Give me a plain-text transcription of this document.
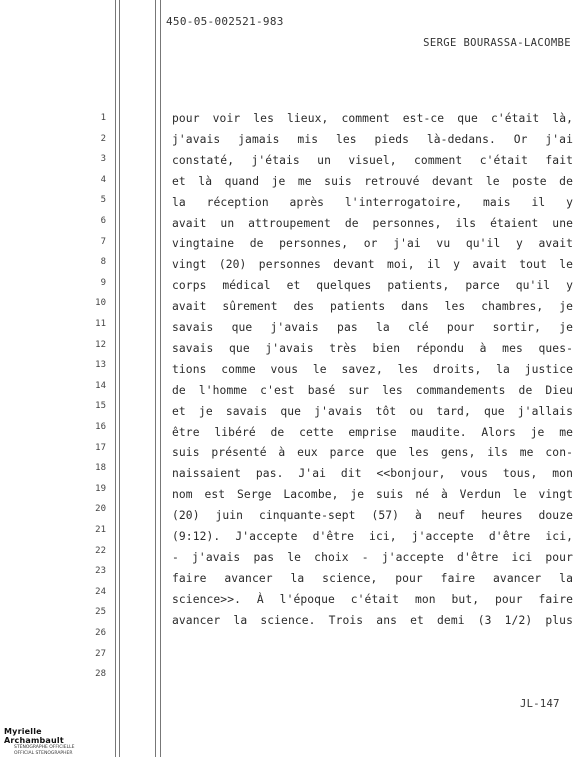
450-05-002521-983
SERGE BOURASSA-LACOMBE
1
2
3
4
5
6
7
8
9
10
11
12
13
14
15
16
17
18
19
20
21
22
23
24
25
26
27
28
pour voir les lieux, comment est-ce que c'était là,
j'avais jamais mis les pieds là-dedans. Or j'ai
constaté, j'étais un visuel, comment c'était fait
et là quand je me suis retrouvé devant le poste de
la réception après l'interrogatoire, mais il y
avait un attroupement de personnes, ils étaient une
vingtaine de personnes, or j'ai vu qu'il y avait
vingt (20) personnes devant moi, il y avait tout le
corps médical et quelques patients, parce qu'il y
avait sûrement des patients dans les chambres, je
savais que j'avais pas la clé pour sortir, je
savais que j'avais très bien répondu à mes ques-
tions comme vous le savez, les droits, la justice
de l'homme c'est basé sur les commandements de Dieu
et je savais que j'avais tôt ou tard, que j'allais
être libéré de cette emprise maudite. Alors je me
suis présenté à eux parce que les gens, ils me con-
naissaient pas. J'ai dit <<bonjour, vous tous, mon
nom est Serge Lacombe, je suis né à Verdun le vingt
(20) juin cinquante-sept (57) à neuf heures douze
(9:12). J'accepte d'être ici, j'accepte d'être ici,
- j'avais pas le choix - j'accepte d'être ici pour
faire avancer la science, pour faire avancer la
science>>. À l'époque c'était mon but, pour faire
avancer la science. Trois ans et demi (3 1/2) plus
JL-147
Myrielle Archambault
STÉNOGRAPHE OFFICIELLE
OFFICIAL STENOGRAPHER
